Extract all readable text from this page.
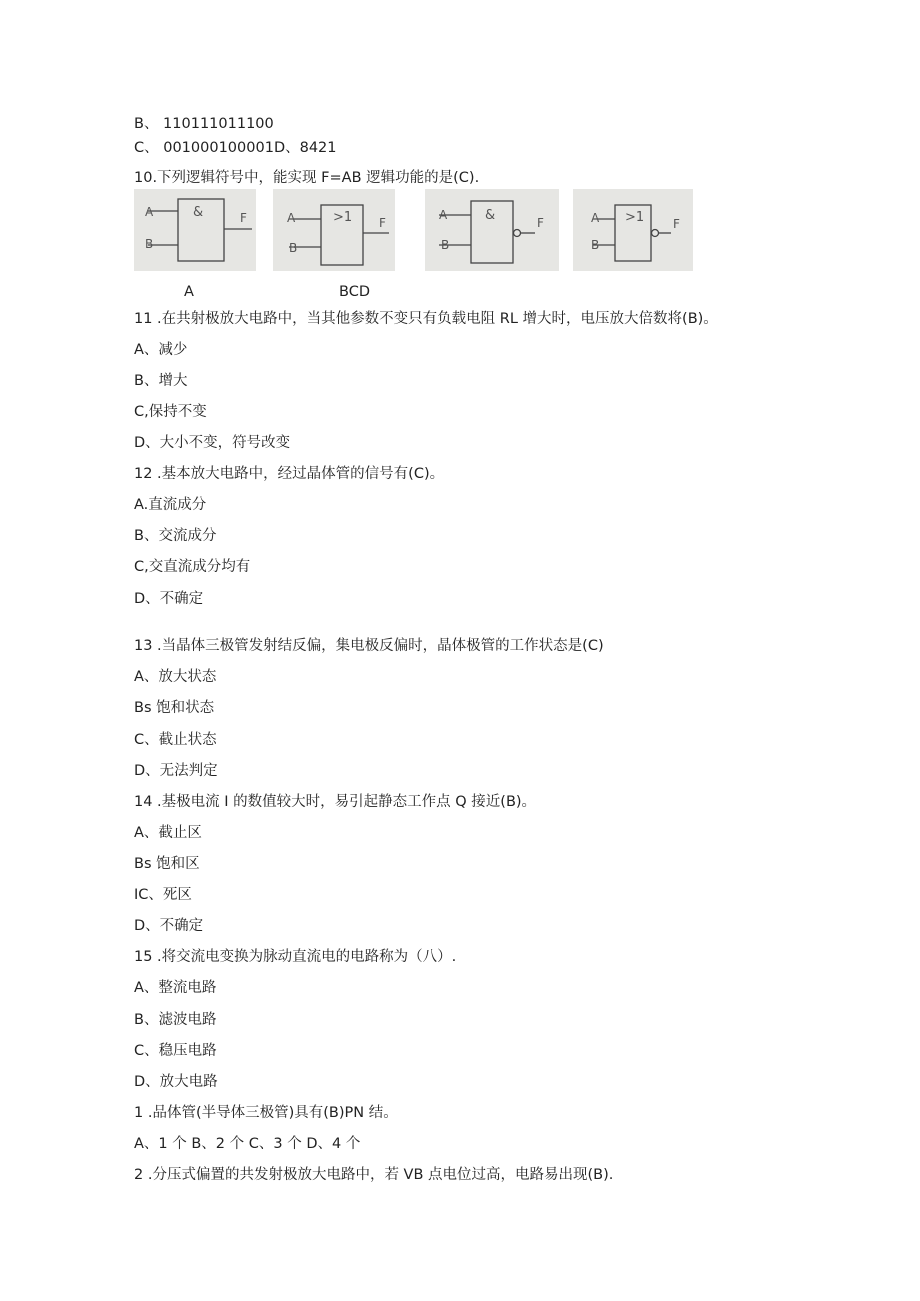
B、 110111011100
C、 001000100001D、8421
10.下列逻辑符号中，能实现 F=AB 逻辑功能的是(C).
A
B
&	F	A
B
>1 F
A
B
&	F	A
B
>1 F
A	BCD
11 .在共射极放大电路中，当其他参数不变只有负载电阻 RL 增大时，电压放大倍数将(B)。
A、减少
B、增大
C,保持不变
D、大小不变，符号改变
12 .基本放大电路中，经过晶体管的信号有(C)。
A.直流成分
B、交流成分
C,交直流成分均有
D、不确定
13 .当晶体三极管发射结反偏，集电极反偏时，晶体极管的工作状态是(C)
A、放大状态
Bs 饱和状态
C、截止状态
D、无法判定
14 .基极电流 I 的数值较大时，易引起静态工作点 Q 接近(B)。
A、截止区
Bs 饱和区
IC、死区
D、不确定
15 .将交流电变换为脉动直流电的电路称为（八）.
A、整流电路
B、滤波电路
C、稳压电路
D、放大电路
1 .品体管(半导体三极管)具有(B)PN 结。
A、1 个 B、2 个 C、3 个 D、4 个
2 .分压式偏置的共发射极放大电路中，若 VB 点电位过高，电路易出现(B).
